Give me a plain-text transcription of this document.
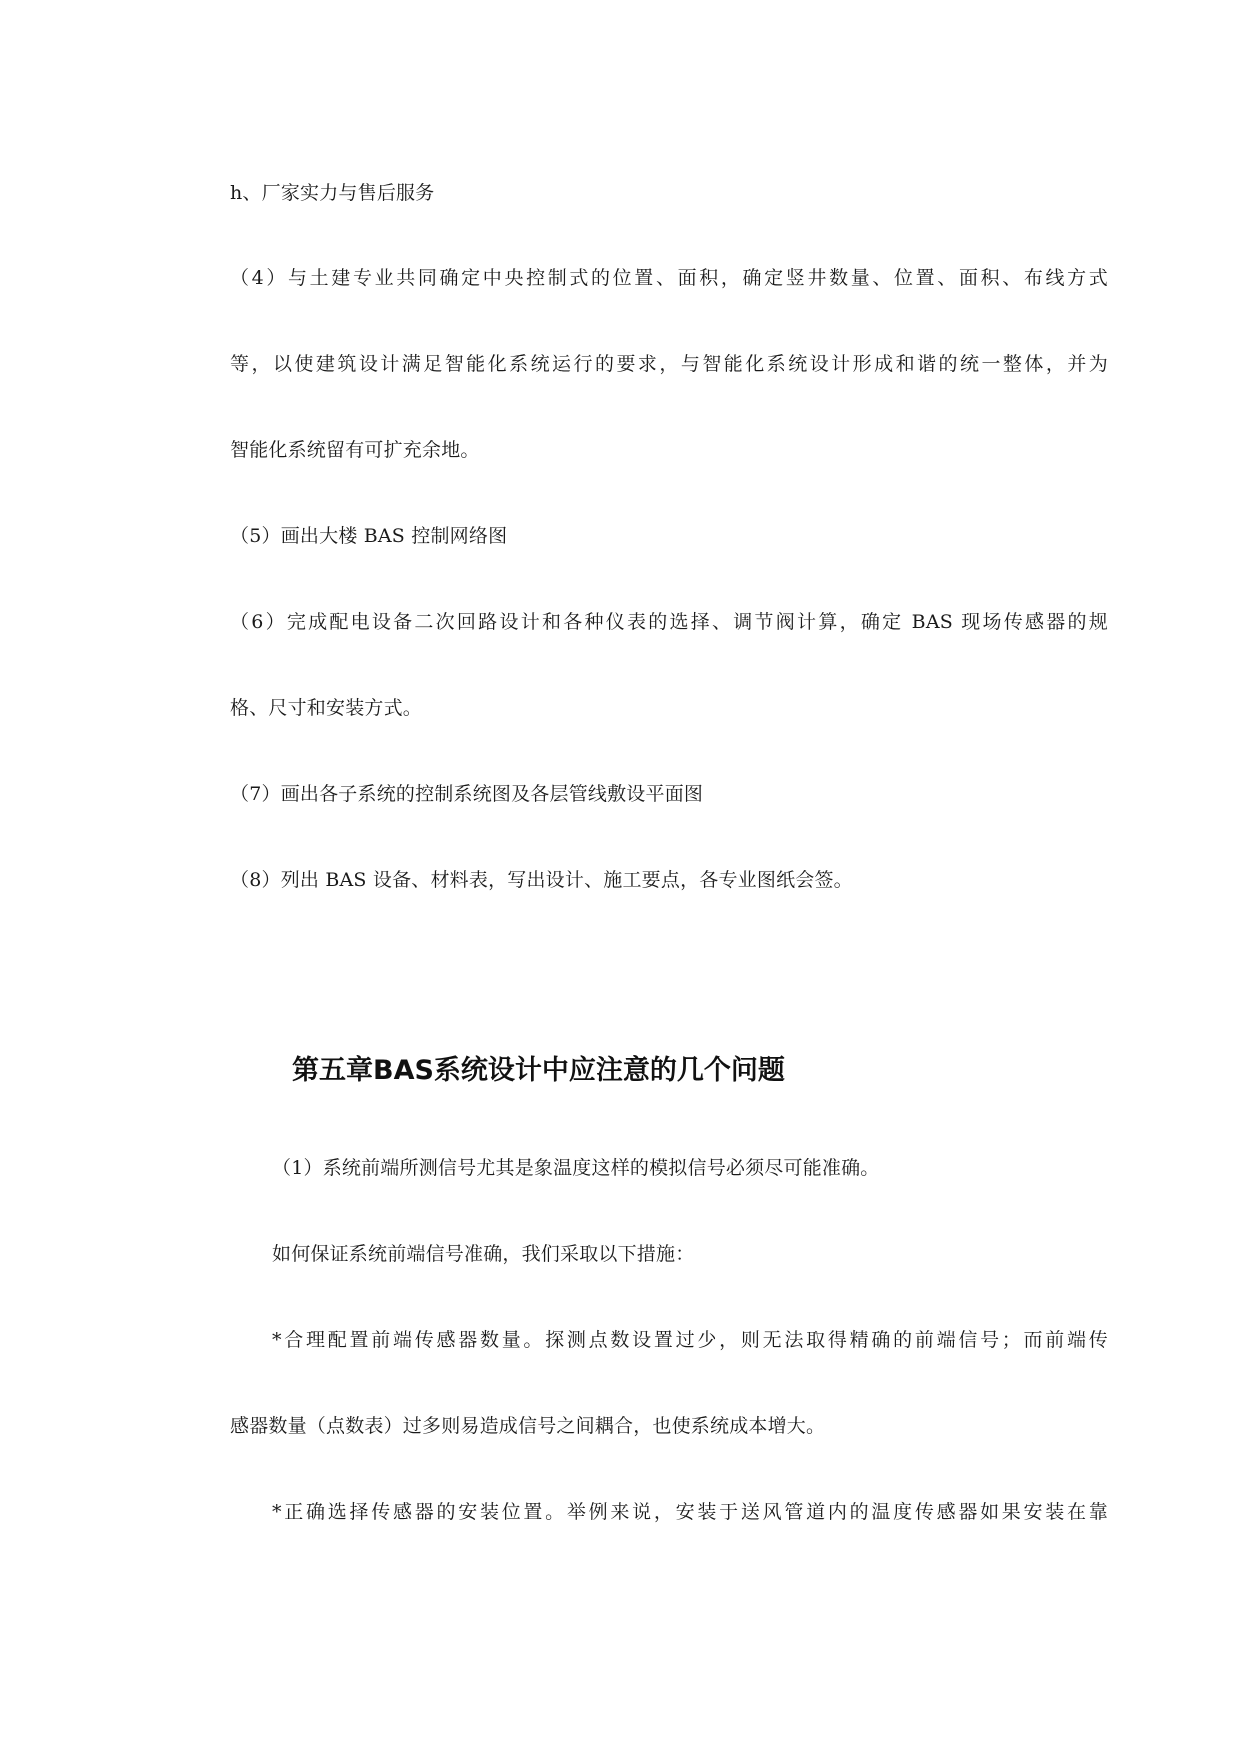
h、厂家实力与售后服务
（4）与土建专业共同确定中央控制式的位置、面积，确定竖井数量、位置、面积、布线方式
等，以使建筑设计满足智能化系统运行的要求，与智能化系统设计形成和谐的统一整体，并为
智能化系统留有可扩充余地。
（5）画出大楼 BAS 控制网络图
（6）完成配电设备二次回路设计和各种仪表的选择、调节阀计算，确定 BAS 现场传感器的规
格、尺寸和安装方式。
（7）画出各子系统的控制系统图及各层管线敷设平面图
（8）列出 BAS 设备、材料表，写出设计、施工要点，各专业图纸会签。
第五章BAS系统设计中应注意的几个问题
（1）系统前端所测信号尤其是象温度这样的模拟信号必须尽可能准确。
如何保证系统前端信号准确，我们采取以下措施：
*合理配置前端传感器数量。探测点数设置过少，则无法取得精确的前端信号；而前端传
感器数量（点数表）过多则易造成信号之间耦合，也使系统成本增大。
*正确选择传感器的安装位置。举例来说，安装于送风管道内的温度传感器如果安装在靠
